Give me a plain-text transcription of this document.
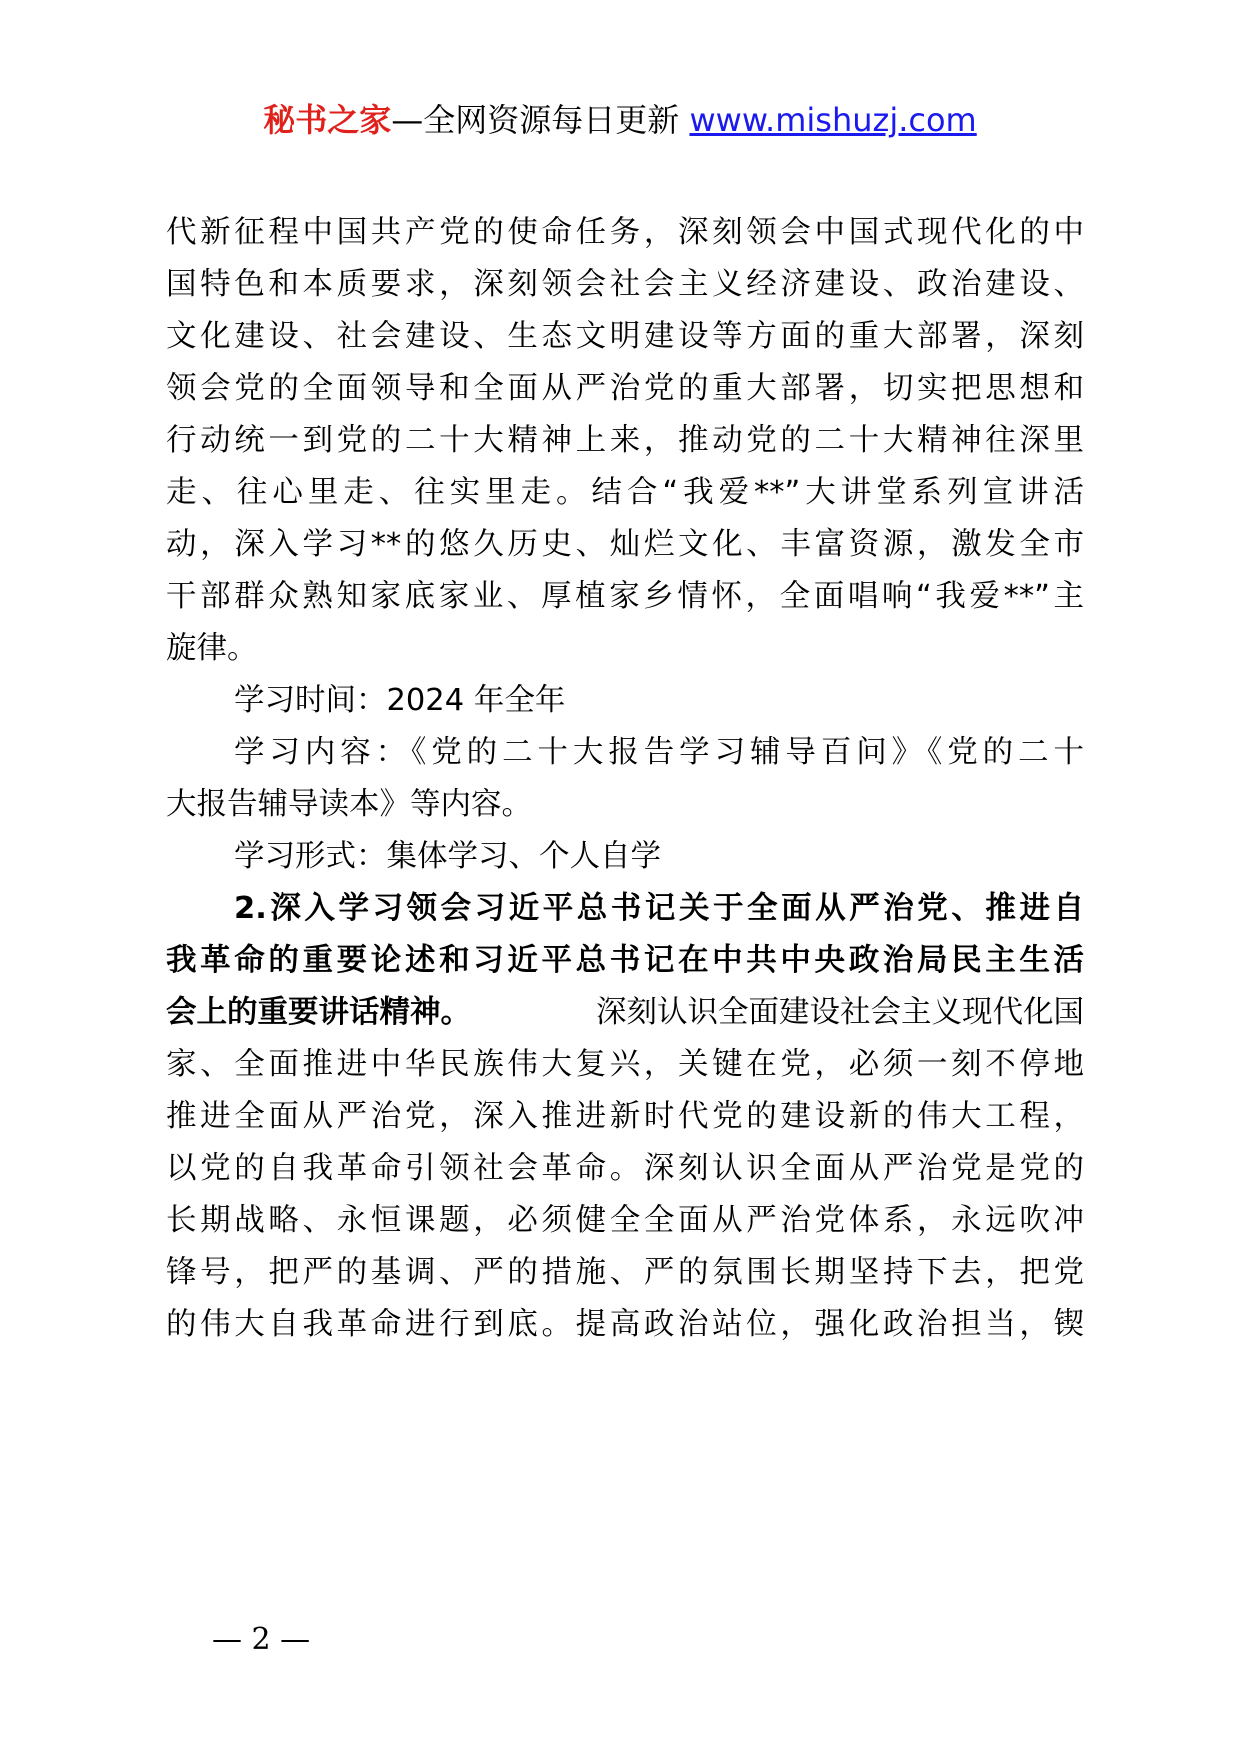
秘书之家—全网资源每日更新 www.mishuzj.com
代新征程中国共产党的使命任务，深刻领会中国式现代化的中
国特色和本质要求，深刻领会社会主义经济建设、政治建设、
文化建设、社会建设、生态文明建设等方面的重大部署，深刻
领会党的全面领导和全面从严治党的重大部署，切实把思想和
行动统一到党的二十大精神上来，推动党的二十大精神往深里
走、往心里走、往实里走。结合“我爱**”大讲堂系列宣讲活
动，深入学习**的悠久历史、灿烂文化、丰富资源，激发全市
干部群众熟知家底家业、厚植家乡情怀，全面唱响“我爱**”主
旋律。
学习时间：2024 年全年
学习内容：《党的二十大报告学习辅导百问》《党的二十
大报告辅导读本》等内容。
学习形式：集体学习、个人自学
2.深入学习领会习近平总书记关于全面从严治党、推进自
我革命的重要论述和习近平总书记在中共中央政治局民主生活
会上的重要讲话精神。	深刻认识全面建设社会主义现代化国
家、全面推进中华民族伟大复兴，关键在党，必须一刻不停地
推进全面从严治党，深入推进新时代党的建设新的伟大工程，
以党的自我革命引领社会革命。深刻认识全面从严治党是党的
长期战略、永恒课题，必须健全全面从严治党体系，永远吹冲
锋号，把严的基调、严的措施、严的氛围长期坚持下去，把党
的伟大自我革命进行到底。提高政治站位，强化政治担当，锲
— 2 —
